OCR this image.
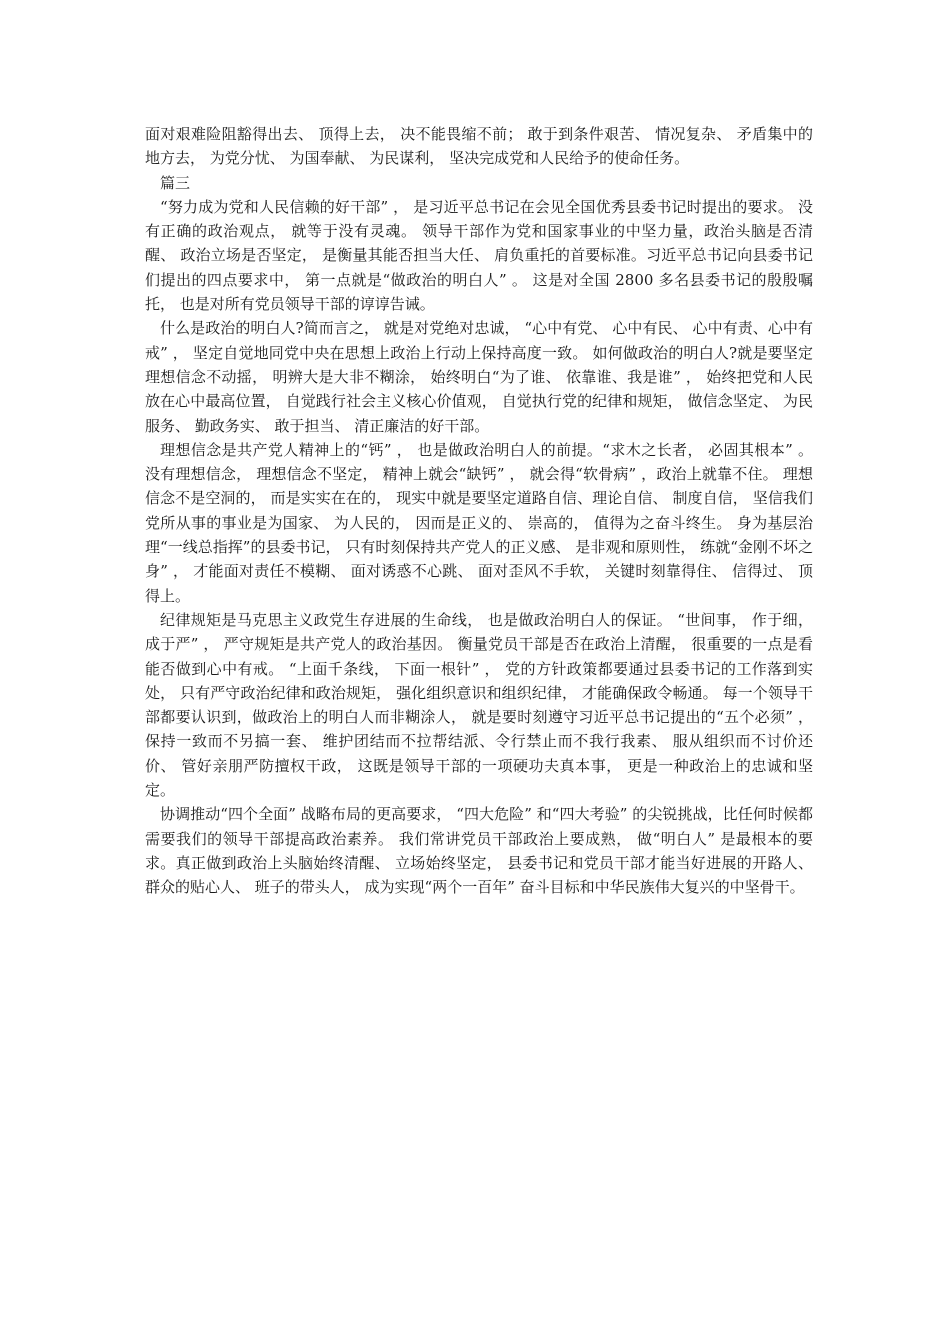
面对艰难险阻豁得出去、 顶得上去， 决不能畏缩不前； 敢于到条件艰苦、 情况复杂、 矛盾集中的地方去， 为党分忧、 为国奉献、 为民谋利， 坚决完成党和人民给予的使命任务。

篇三

“努力成为党和人民信赖的好干部” ， 是习近平总书记在会见全国优秀县委书记时提出的要求。 没有正确的政治观点， 就等于没有灵魂。 领导干部作为党和国家事业的中坚力量，政治头脑是否清醒、 政治立场是否坚定， 是衡量其能否担当大任、 肩负重托的首要标准。习近平总书记向县委书记们提出的四点要求中， 第一点就是“做政治的明白人” 。 这是对全国 2800 多名县委书记的殷殷嘱托， 也是对所有党员领导干部的谆谆告诫。

什么是政治的明白人?简而言之， 就是对党绝对忠诚， “心中有党、 心中有民、 心中有责、心中有戒” ， 坚定自觉地同党中央在思想上政治上行动上保持高度一致。 如何做政治的明白人?就是要坚定理想信念不动摇， 明辨大是大非不糊涂， 始终明白“为了谁、 依靠谁、我是谁” ， 始终把党和人民放在心中最高位置， 自觉践行社会主义核心价值观， 自觉执行党的纪律和规矩， 做信念坚定、 为民服务、 勤政务实、 敢于担当、 清正廉洁的好干部。

理想信念是共产党人精神上的“钙” ， 也是做政治明白人的前提。“求木之长者， 必固其根本” 。 没有理想信念， 理想信念不坚定， 精神上就会“缺钙” ， 就会得“软骨病” ，政治上就靠不住。 理想信念不是空洞的， 而是实实在在的， 现实中就是要坚定道路自信、理论自信、 制度自信， 坚信我们党所从事的事业是为国家、 为人民的， 因而是正义的、 崇高的， 值得为之奋斗终生。 身为基层治理“一线总指挥”的县委书记， 只有时刻保持共产党人的正义感、 是非观和原则性， 练就“金刚不坏之身” ， 才能面对责任不模糊、 面对诱惑不心跳、 面对歪风不手软， 关键时刻靠得住、 信得过、 顶得上。

纪律规矩是马克思主义政党生存进展的生命线， 也是做政治明白人的保证。 “世间事， 作于细， 成于严” ， 严守规矩是共产党人的政治基因。 衡量党员干部是否在政治上清醒， 很重要的一点是看能否做到心中有戒。 “上面千条线， 下面一根针” ， 党的方针政策都要通过县委书记的工作落到实处， 只有严守政治纪律和政治规矩， 强化组织意识和组织纪律， 才能确保政令畅通。 每一个领导干部都要认识到，做政治上的明白人而非糊涂人， 就是要时刻遵守习近平总书记提出的“五个必须” ， 保持一致而不另搞一套、 维护团结而不拉帮结派、令行禁止而不我行我素、 服从组织而不讨价还价、 管好亲朋严防擅权干政， 这既是领导干部的一项硬功夫真本事， 更是一种政治上的忠诚和坚定。

协调推动“四个全面” 战略布局的更高要求， “四大危险” 和“四大考验” 的尖锐挑战，比任何时候都需要我们的领导干部提高政治素养。 我们常讲党员干部政治上要成熟， 做“明白人” 是最根本的要求。真正做到政治上头脑始终清醒、 立场始终坚定， 县委书记和党员干部才能当好进展的开路人、 群众的贴心人、 班子的带头人， 成为实现“两个一百年” 奋斗目标和中华民族伟大复兴的中坚骨干。
